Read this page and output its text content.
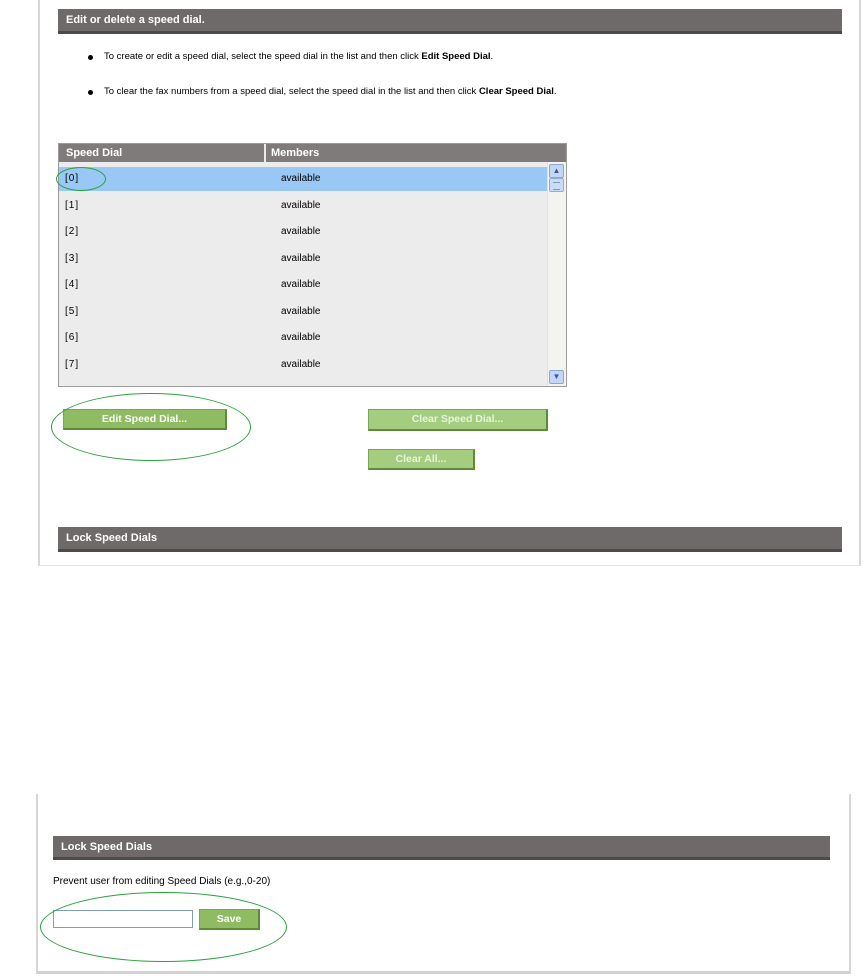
Edit or delete a speed dial.
To create or edit a speed dial, select the speed dial in the list and then click Edit Speed Dial.
To clear the fax numbers from a speed dial, select the speed dial in the list and then click Clear Speed Dial.
Speed Dial	Members
[0]	available
[1]	available
[2]	available
[3]	available
[4]	available
[5]	available
[6]	available
[7]	available
▲
▼
Edit Speed Dial...	Clear Speed Dial...
Clear All...
Lock Speed Dials
Lock Speed Dials
Prevent user from editing Speed Dials (e.g.,0-20)
Save
